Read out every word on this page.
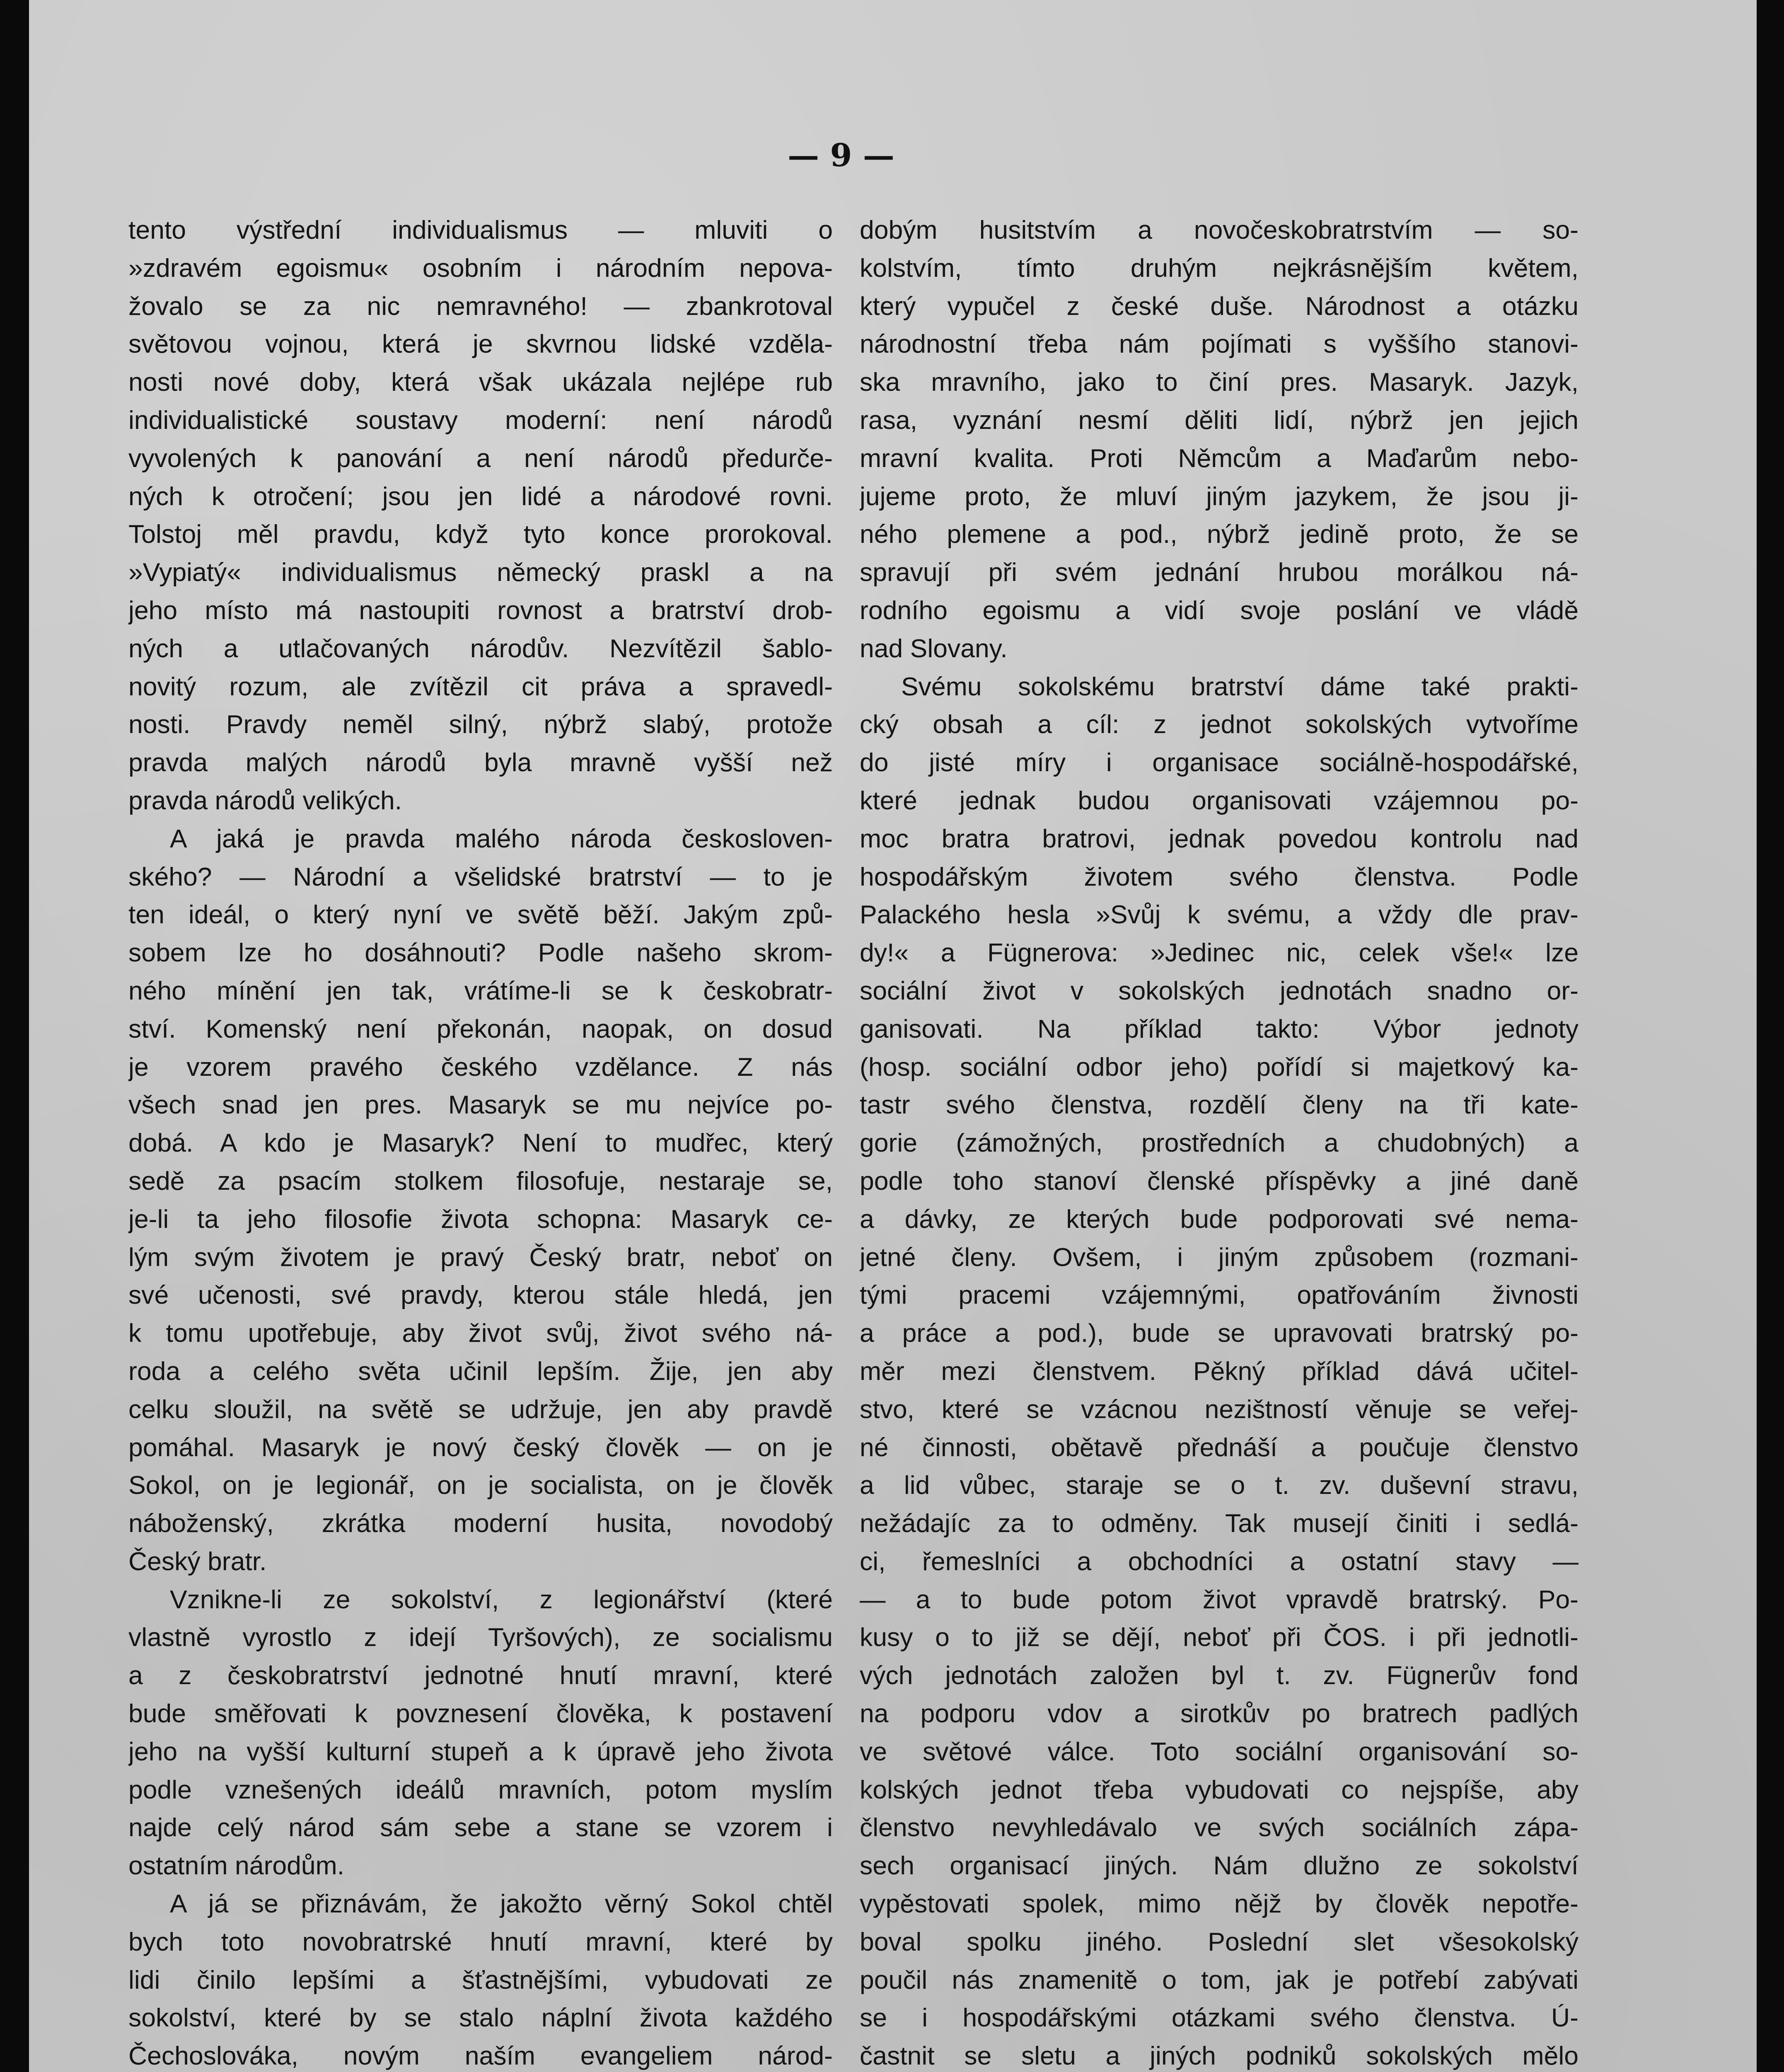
— 9 —

tento výstřední individualismus — mluviti o
»zdravém egoismu« osobním i národním nepova-
žovalo se za nic nemravného! — zbankrotoval
světovou vojnou, která je skvrnou lidské vzděla-
nosti nové doby, která však ukázala nejlépe rub
individualistické soustavy moderní: není národů
vyvolených k panování a není národů předurče-
ných k otročení; jsou jen lidé a národové rovni.
Tolstoj měl pravdu, když tyto konce prorokoval.
»Vypiatý« individualismus německý praskl a na
jeho místo má nastoupiti rovnost a bratrství drob-
ných a utlačovaných národův. Nezvítězil šablo-
novitý rozum, ale zvítězil cit práva a spravedl-
nosti. Pravdy neměl silný, nýbrž slabý, protože
pravda malých národů byla mravně vyšší než
pravda národů velikých.

A jaká je pravda malého národa českosloven-
ského? — Národní a všelidské bratrství — to je
ten ideál, o který nyní ve světě běží. Jakým způ-
sobem lze ho dosáhnouti? Podle našeho skrom-
ného mínění jen tak, vrátíme-li se k českobratr-
ství. Komenský není překonán, naopak, on dosud
je vzorem pravého českého vzdělance. Z nás
všech snad jen pres. Masaryk se mu nejvíce po-
dobá. A kdo je Masaryk? Není to mudřec, který
sedě za psacím stolkem filosofuje, nestaraje se,
je-li ta jeho filosofie života schopna: Masaryk ce-
lým svým životem je pravý Český bratr, neboť on
své učenosti, své pravdy, kterou stále hledá, jen
k tomu upotřebuje, aby život svůj, život svého ná-
roda a celého světa učinil lepším. Žije, jen aby
celku sloužil, na světě se udržuje, jen aby pravdě
pomáhal. Masaryk je nový český člověk — on je
Sokol, on je legionář, on je socialista, on je člověk
náboženský, zkrátka moderní husita, novodobý
Český bratr.

Vznikne-li ze sokolství, z legionářství (které
vlastně vyrostlo z idejí Tyršových), ze socialismu
a z českobratrství jednotné hnutí mravní, které
bude směřovati k povznesení člověka, k postavení
jeho na vyšší kulturní stupeň a k úpravě jeho života
podle vznešených ideálů mravních, potom myslím
najde celý národ sám sebe a stane se vzorem i
ostatním národům.

A já se přiznávám, že jakožto věrný Sokol chtěl
bych toto novobratrské hnutí mravní, které by
lidi činilo lepšími a šťastnějšími, vybudovati ze
sokolství, které by se stalo náplní života každého
Čechoslováka, novým naším evangeliem národ-

dobým husitstvím a novočeskobratrstvím — so-
kolstvím, tímto druhým nejkrásnějším květem,
který vypučel z české duše. Národnost a otázku
národnostní třeba nám pojímati s vyššího stanovi-
ska mravního, jako to činí pres. Masaryk. Jazyk,
rasa, vyznání nesmí děliti lidí, nýbrž jen jejich
mravní kvalita. Proti Němcům a Maďarům nebo-
jujeme proto, že mluví jiným jazykem, že jsou ji-
ného plemene a pod., nýbrž jedině proto, že se
spravují při svém jednání hrubou morálkou ná-
rodního egoismu a vidí svoje poslání ve vládě
nad Slovany.

Svému sokolskému bratrství dáme také prakti-
cký obsah a cíl: z jednot sokolských vytvoříme
do jisté míry i organisace sociálně-hospodářské,
které jednak budou organisovati vzájemnou po-
moc bratra bratrovi, jednak povedou kontrolu nad
hospodářským životem svého členstva. Podle
Palackého hesla »Svůj k svému, a vždy dle prav-
dy!« a Fügnerova: »Jedinec nic, celek vše!« lze
sociální život v sokolských jednotách snadno or-
ganisovati. Na příklad takto: Výbor jednoty
(hosp. sociální odbor jeho) pořídí si majetkový ka-
tastr svého členstva, rozdělí členy na tři kate-
gorie (zámožných, prostředních a chudobných) a
podle toho stanoví členské příspěvky a jiné daně
a dávky, ze kterých bude podporovati své nema-
jetné členy. Ovšem, i jiným způsobem (rozmani-
tými pracemi vzájemnými, opatřováním živnosti
a práce a pod.), bude se upravovati bratrský po-
měr mezi členstvem. Pěkný příklad dává učitel-
stvo, které se vzácnou nezištností věnuje se veřej-
né činnosti, obětavě přednáší a poučuje členstvo
a lid vůbec, staraje se o t. zv. duševní stravu,
nežádajíc za to odměny. Tak musejí činiti i sedlá-
ci, řemeslníci a obchodníci a ostatní stavy —
— a to bude potom život vpravdě bratrský. Po-
kusy o to již se dějí, neboť při ČOS. i při jednotli-
vých jednotách založen byl t. zv. Fügnerův fond
na podporu vdov a sirotkův po bratrech padlých
ve světové válce. Toto sociální organisování so-
kolských jednot třeba vybudovati co nejspíše, aby
členstvo nevyhledávalo ve svých sociálních zápa-
sech organisací jiných. Nám dlužno ze sokolství
vypěstovati spolek, mimo nějž by člověk nepotře-
boval spolku jiného. Poslední slet všesokolský
poučil nás znamenitě o tom, jak je potřebí zabývati
se i hospodářskými otázkami svého členstva. Ú-
častnit se sletu a jiných podniků sokolských mělo
